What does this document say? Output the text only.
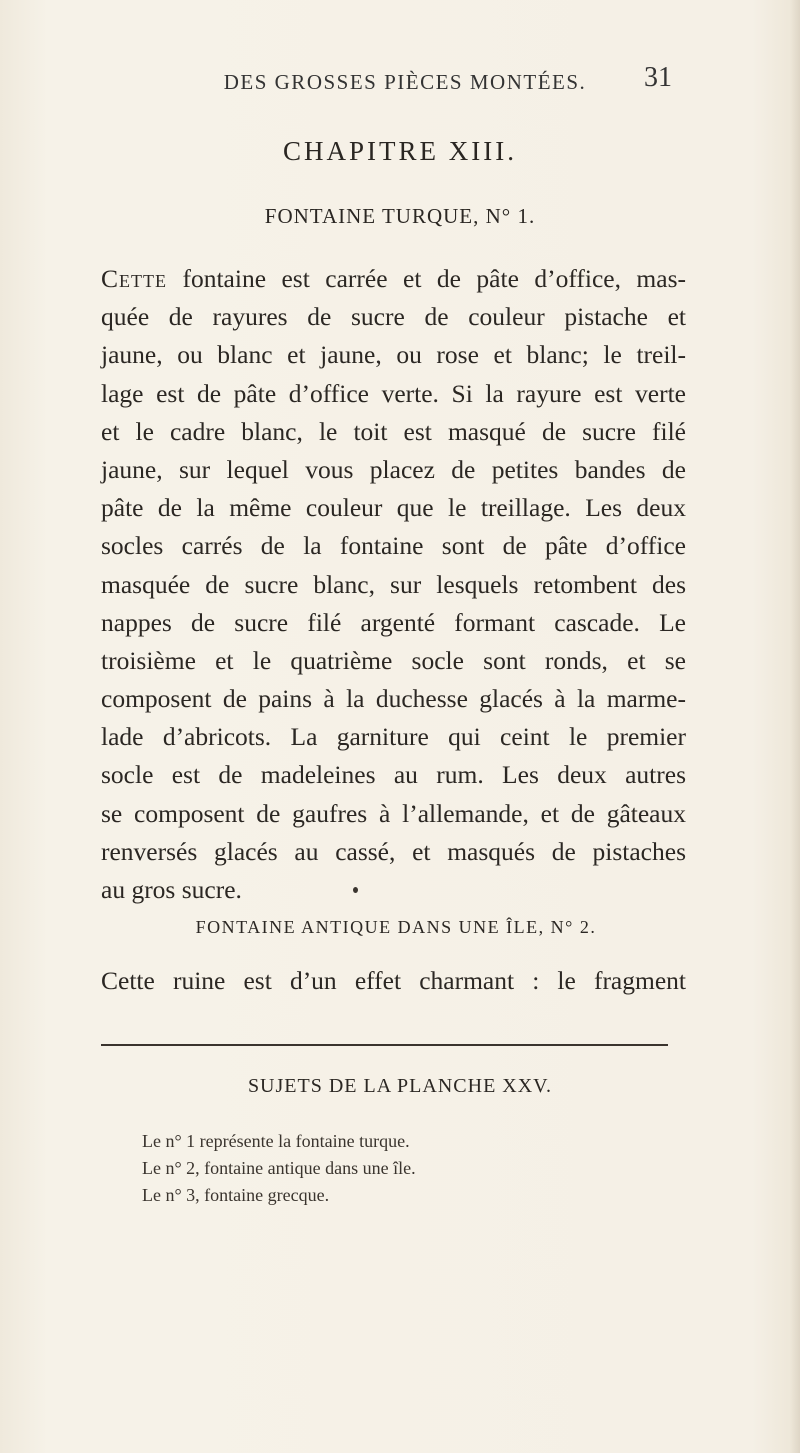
DES GROSSES PIÈCES MONTÉES.	31
CHAPITRE XIII.
FONTAINE TURQUE, N° 1.
Cette fontaine est carrée et de pâte d’office, mas-
quée de rayures de sucre de couleur pistache et
jaune, ou blanc et jaune, ou rose et blanc; le treil-
lage est de pâte d’office verte. Si la rayure est verte
et le cadre blanc, le toit est masqué de sucre filé
jaune, sur lequel vous placez de petites bandes de
pâte de la même couleur que le treillage. Les deux
socles carrés de la fontaine sont de pâte d’office
masquée de sucre blanc, sur lesquels retombent des
nappes de sucre filé argenté formant cascade. Le
troisième et le quatrième socle sont ronds, et se
composent de pains à la duchesse glacés à la marme-
lade d’abricots. La garniture qui ceint le premier
socle est de madeleines au rum. Les deux autres
se composent de gaufres à l’allemande, et de gâteaux
renversés glacés au cassé, et masqués de pistaches
au gros sucre.
FONTAINE ANTIQUE DANS UNE ÎLE, N° 2.
Cette ruine est d’un effet charmant : le fragment
SUJETS DE LA PLANCHE XXV.
Le n° 1 représente la fontaine turque.
Le n° 2, fontaine antique dans une île.
Le n° 3, fontaine grecque.
